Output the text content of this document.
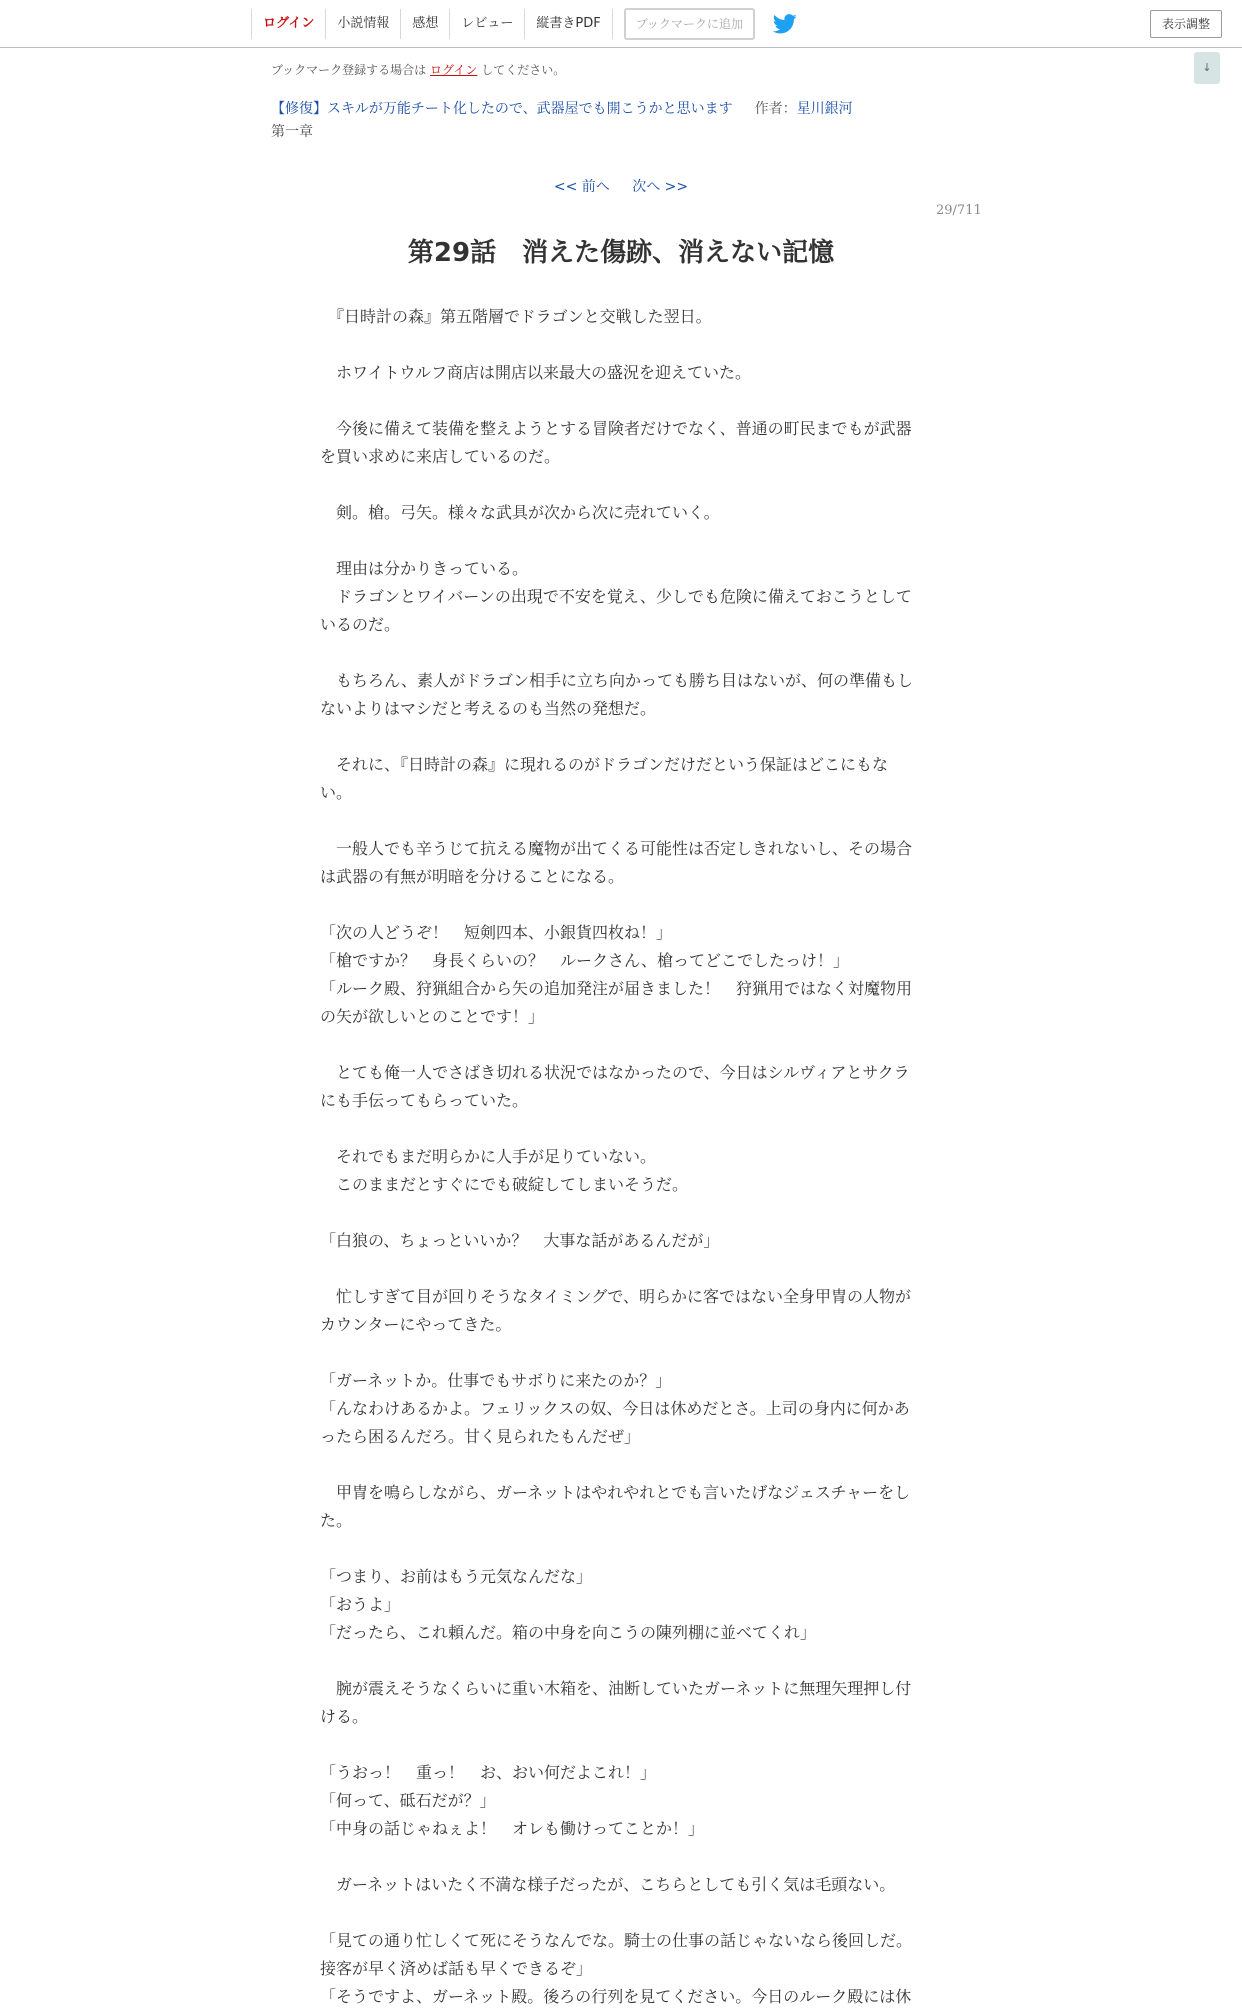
ログイン	小説情報	感想	レビュー	縦書きPDF	ブックマークに追加	表示調整
↓
ブックマーク登録する場合は ログイン してください。
【修復】スキルが万能チート化したので、武器屋でも開こうかと思います 作者：星川銀河
第一章
<< 前へ 次へ >>
29/711
第29話　消えた傷跡、消えない記憶

　『日時計の森』第五階層でドラゴンと交戦した翌日。

　ホワイトウルフ商店は開店以来最大の盛況を迎えていた。

　今後に備えて装備を整えようとする冒険者だけでなく、普通の町民までもが武器

を買い求めに来店しているのだ。

　剣。槍。弓矢。様々な武具が次から次に売れていく。

　理由は分かりきっている。

　ドラゴンとワイバーンの出現で不安を覚え、少しでも危険に備えておこうとして

いるのだ。

　もちろん、素人がドラゴン相手に立ち向かっても勝ち目はないが、何の準備もし

ないよりはマシだと考えるのも当然の発想だ。

　それに、『日時計の森』に現れるのがドラゴンだけだという保証はどこにもな

い。

　一般人でも辛うじて抗える魔物が出てくる可能性は否定しきれないし、その場合

は武器の有無が明暗を分けることになる。

「次の人どうぞ！　短剣四本、小銀貨四枚ね！」

「槍ですか？　身長くらいの？　ルークさん、槍ってどこでしたっけ！」

「ルーク殿、狩猟組合から矢の追加発注が届きました！　狩猟用ではなく対魔物用

の矢が欲しいとのことです！」

　とても俺一人でさばき切れる状況ではなかったので、今日はシルヴィアとサクラ

にも手伝ってもらっていた。

　それでもまだ明らかに人手が足りていない。

　このままだとすぐにでも破綻してしまいそうだ。

「白狼の、ちょっといいか？　大事な話があるんだが」

　忙しすぎて目が回りそうなタイミングで、明らかに客ではない全身甲冑の人物が

カウンターにやってきた。

「ガーネットか。仕事でもサボりに来たのか？」

「んなわけあるかよ。フェリックスの奴、今日は休めだとさ。上司の身内に何かあ

ったら困るんだろ。甘く見られたもんだぜ」

　甲冑を鳴らしながら、ガーネットはやれやれとでも言いたげなジェスチャーをし

た。

「つまり、お前はもう元気なんだな」

「おうよ」

「だったら、これ頼んだ。箱の中身を向こうの陳列棚に並べてくれ」

　腕が震えそうなくらいに重い木箱を、油断していたガーネットに無理矢理押し付

ける。

「うおっ！　重っ！　お、おい何だよこれ！」

「何って、砥石だが？」

「中身の話じゃねぇよ！　オレも働けってことか！」

　ガーネットはいたく不満な様子だったが、こちらとしても引く気は毛頭ない。

「見ての通り忙しくて死にそうなんでな。騎士の仕事の話じゃないなら後回しだ。

接客が早く済めば話も早くできるぞ」

「そうですよ、ガーネット殿。後ろの行列を見てください。今日のルーク殿には休
